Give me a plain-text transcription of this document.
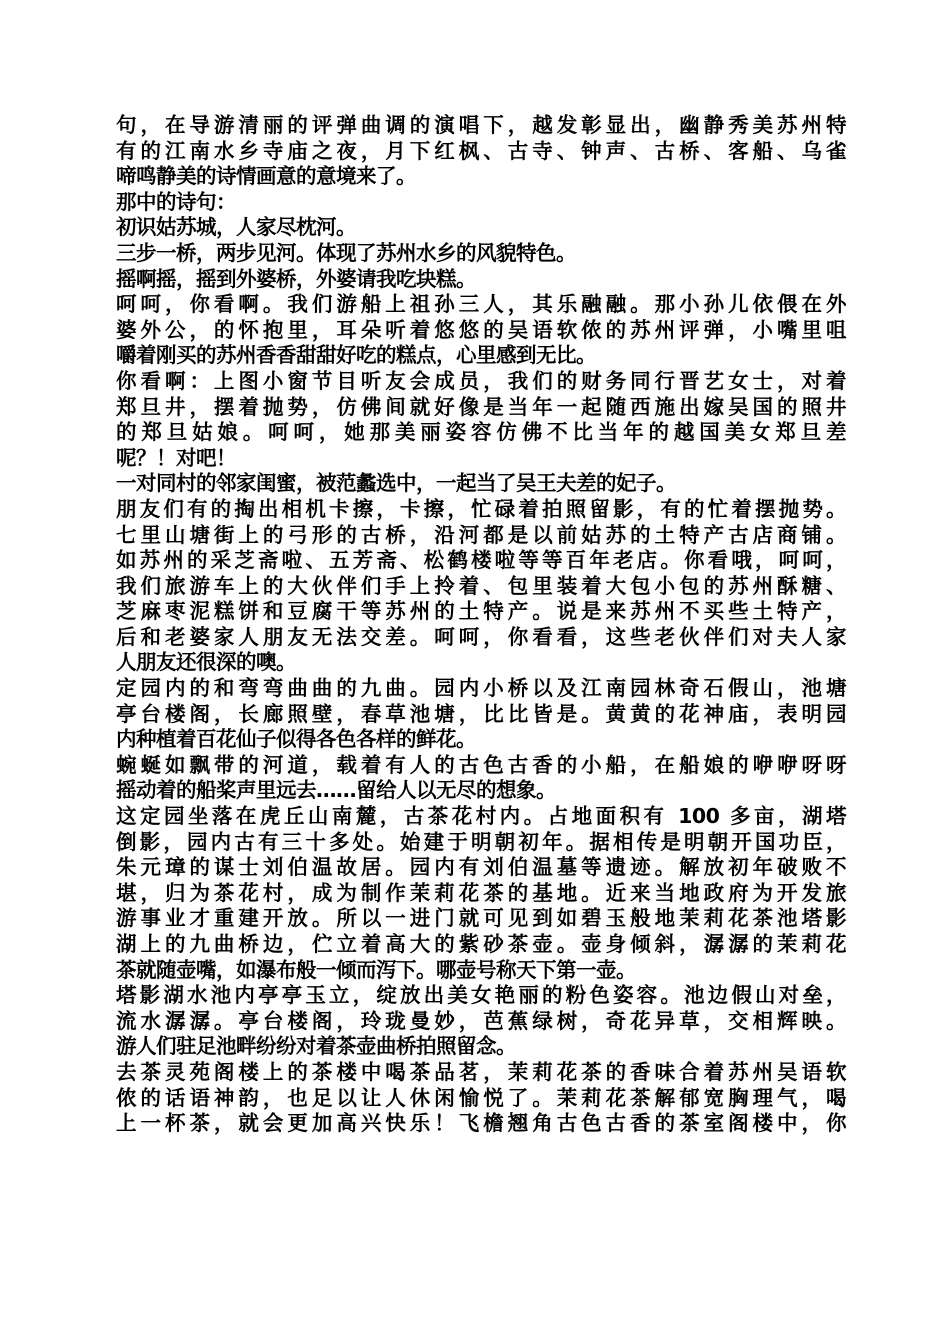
句，在导游清丽的评弹曲调的演唱下，越发彰显出，幽静秀美苏州特
有的江南水乡寺庙之夜，月下红枫、古寺、钟声、古桥、客船、乌雀
啼鸣静美的诗情画意的意境来了。
那中的诗句：
初识姑苏城，人家尽枕河。
三步一桥，两步见河。体现了苏州水乡的风貌特色。
摇啊摇，摇到外婆桥，外婆请我吃块糕。
呵呵，你看啊。我们游船上祖孙三人，其乐融融。那小孙儿依偎在外
婆外公，的怀抱里，耳朵听着悠悠的吴语软侬的苏州评弹，小嘴里咀
嚼着刚买的苏州香香甜甜好吃的糕点，心里感到无比。
你看啊：上图小窗节目听友会成员，我们的财务同行晋艺女士，对着
郑旦井，摆着抛势，仿佛间就好像是当年一起随西施出嫁吴国的照井
的郑旦姑娘。呵呵，她那美丽姿容仿佛不比当年的越国美女郑旦差
呢？！对吧！
一对同村的邻家闺蜜，被范蠡选中，一起当了吴王夫差的妃子。
朋友们有的掏出相机卡擦，卡擦，忙碌着拍照留影，有的忙着摆抛势。
七里山塘街上的弓形的古桥，沿河都是以前姑苏的土特产古店商铺。
如苏州的采芝斋啦、五芳斋、松鹤楼啦等等百年老店。你看哦，呵呵，
我们旅游车上的大伙伴们手上拎着、包里装着大包小包的苏州酥糖、
芝麻枣泥糕饼和豆腐干等苏州的土特产。说是来苏州不买些土特产，
后和老婆家人朋友无法交差。呵呵，你看看，这些老伙伴们对夫人家
人朋友还很深的噢。
定园内的和弯弯曲曲的九曲。园内小桥以及江南园林奇石假山，池塘
亭台楼阁，长廊照壁，春草池塘，比比皆是。黄黄的花神庙，表明园
内种植着百花仙子似得各色各样的鲜花。
蜿蜒如飘带的河道，载着有人的古色古香的小船，在船娘的咿咿呀呀
摇动着的船桨声里远去……留给人以无尽的想象。
这定园坐落在虎丘山南麓，古茶花村内。占地面积有 100 多亩，湖塔
倒影，园内古有三十多处。始建于明朝初年。据相传是明朝开国功臣，
朱元璋的谋士刘伯温故居。园内有刘伯温墓等遗迹。解放初年破败不
堪，归为茶花村，成为制作茉莉花茶的基地。近来当地政府为开发旅
游事业才重建开放。所以一进门就可见到如碧玉般地茉莉花茶池塔影
湖上的九曲桥边，伫立着高大的紫砂茶壶。壶身倾斜，潺潺的茉莉花
茶就随壶嘴，如瀑布般一倾而泻下。哪壶号称天下第一壶。
塔影湖水池内亭亭玉立，绽放出美女艳丽的粉色姿容。池边假山对垒，
流水潺潺。亭台楼阁，玲珑曼妙，芭蕉绿树，奇花异草，交相辉映。
游人们驻足池畔纷纷对着茶壶曲桥拍照留念。
去茶灵苑阁楼上的茶楼中喝茶品茗，茉莉花茶的香味合着苏州吴语软
侬的话语神韵，也足以让人休闲愉悦了。茉莉花茶解郁宽胸理气，喝
上一杯茶，就会更加高兴快乐！飞檐翘角古色古香的茶室阁楼中，你
